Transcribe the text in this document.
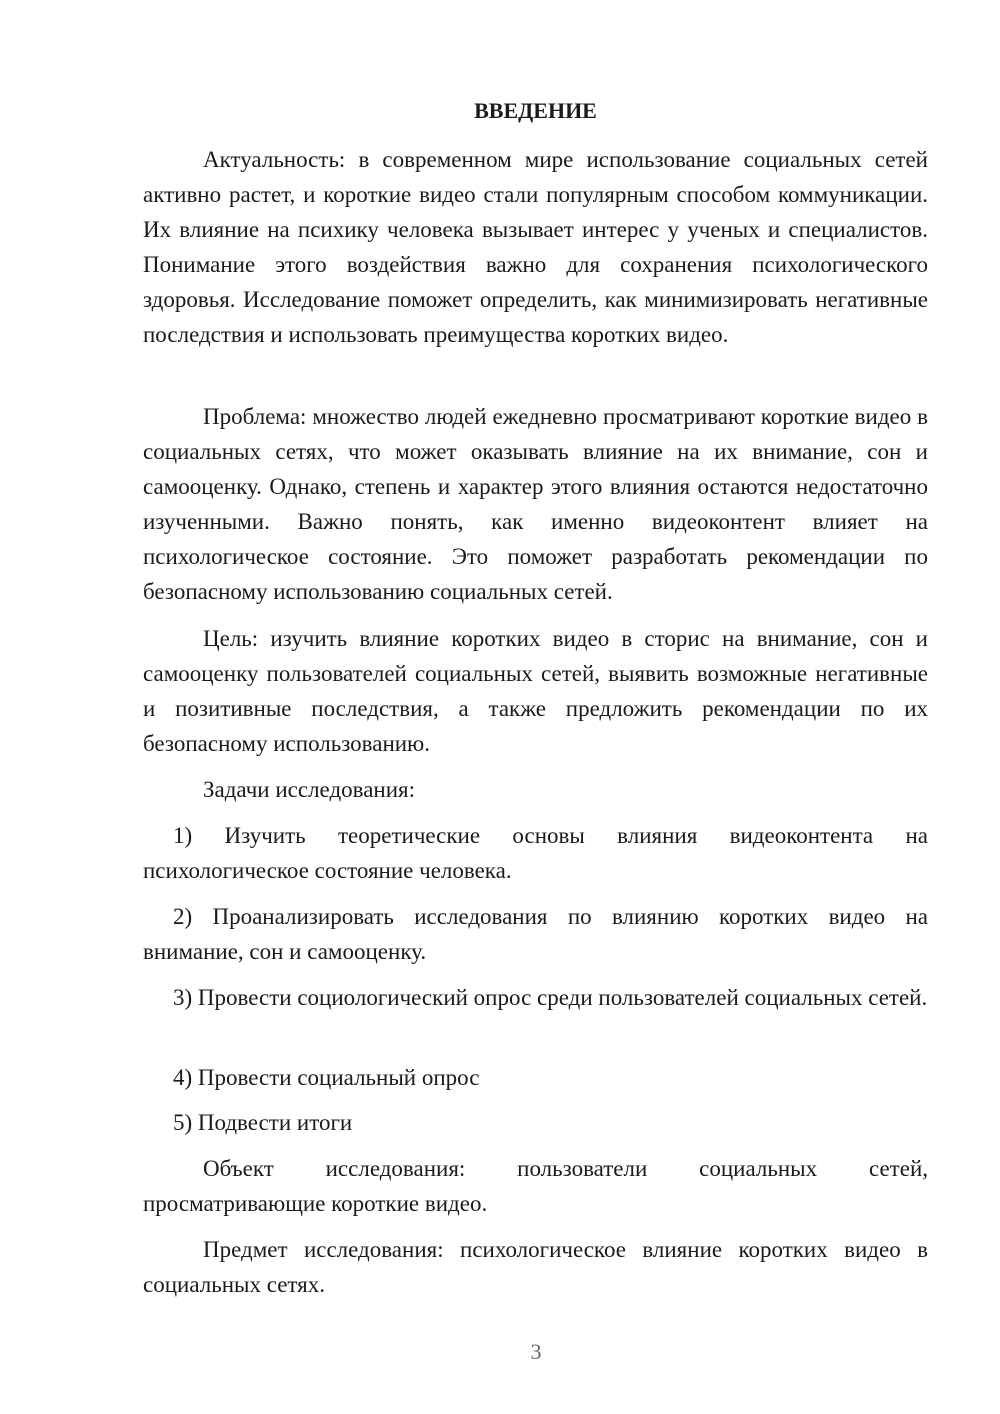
ВВЕДЕНИЕ

Актуальность: в современном мире использование социальных сетей активно растет, и короткие видео стали популярным способом коммуникации. Их влияние на психику человека вызывает интерес у ученых и специалистов. Понимание этого воздействия важно для сохранения психологического здоровья. Исследование поможет определить, как минимизировать негативные последствия и использовать преимущества коротких видео.

Проблема: множество людей ежедневно просматривают короткие видео в социальных сетях, что может оказывать влияние на их внимание, сон и самооценку. Однако, степень и характер этого влияния остаются недостаточно изученными. Важно понять, как именно видеоконтент влияет на психологическое состояние. Это поможет разработать рекомендации по безопасному использованию социальных сетей.

Цель: изучить влияние коротких видео в сторис на внимание, сон и самооценку пользователей социальных сетей, выявить возможные негативные и позитивные последствия, а также предложить рекомендации по их безопасному использованию.

Задачи исследования:

1) Изучить теоретические основы влияния видеоконтента на психологическое состояние человека.

2) Проанализировать исследования по влиянию коротких видео на внимание, сон и самооценку.

3) Провести социологический опрос среди пользователей социальных сетей.

4) Провести социальный опрос

5) Подвести итоги

Объект исследования: пользователи социальных сетей, просматривающие короткие видео.

Предмет исследования: психологическое влияние коротких видео в социальных сетях.

3
